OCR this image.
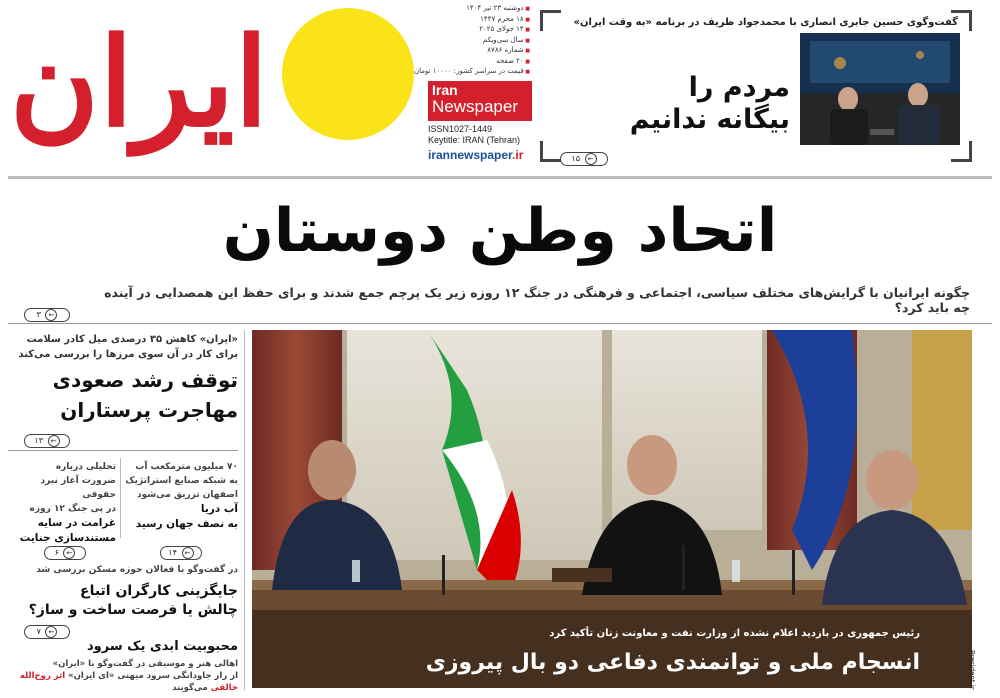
ایران
■ دوشنبه ۲۳ تیر ۱۴۰۴
■ ۱۸ محرم ۱۴۴۷
■ ۱۴ جولای ۲۰۲۵
■ سال سی‌ویکم
■ شماره ۸۷۸۶
■ ۲۰ صفحه
■ قیمت در سراسر کشور: ۱۰۰۰۰ تومان
Iran
Newspaper
ISSN1027-1449
Keytitle: IRAN (Tehran)
irannewspaper.ir
گفت‌وگوی حسین جابری انصاری با محمدجواد ظریف در برنامه «به وقت ایران»
مردم را
بیگانه ندانیم
۱۵ ←
اتحاد وطن دوستان
چگونه ایرانیان با گرایش‌های مختلف سیاسی، اجتماعی و فرهنگی در جنگ ۱۲ روزه زیر یک پرچم جمع شدند و برای حفظ این همصدایی در آینده چه باید کرد؟
۳ ←
«ایران» کاهش ۳۵ درصدی میل کادر سلامت برای کار در آن سوی مرزها را بررسی می‌کند
توقف رشد صعودی
مهاجرت پرستاران
۱۳ ←
۷۰ میلیون مترمکعب آب
به شبکه صنایع استراتژیک
اصفهان تزریق می‌شود
آب دریا
به نصف جهان رسید
تحلیلی درباره
ضرورت آغاز نبرد حقوقی
در پی جنگ ۱۲ روزه
غرامت در سایه
مستندسازی جنایت
۱۴ ←
۶ ←
در گفت‌وگو با فعالان حوزه مسکن بررسی شد
جایگزینی کارگران اتباع
چالش یا فرصت ساخت و ساز؟
۷ ←
محبوبیت ابدی یک سرود
اهالی هنر و موسیقی در گفت‌وگو با «ایران»
از راز جاودانگی سرود میهنی «ای ایران» اثر روح‌الله خالقی می‌گویند
رئیس جمهوری در بازدید اعلام نشده از وزارت نفت و معاونت زنان تأکید کرد
انسجام ملی و توانمندی دفاعی دو بال پیروزی	President.ir
